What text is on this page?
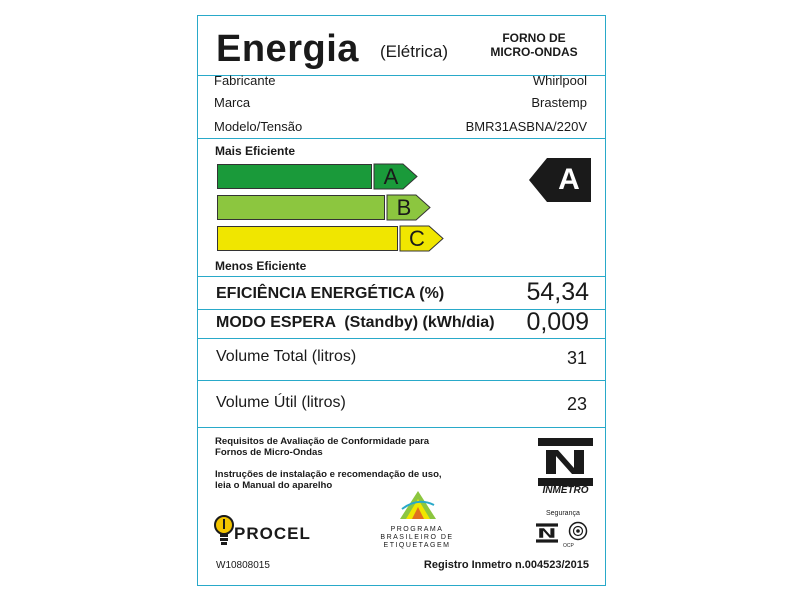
Energia (Elétrica)
FORNO DE
MICRO-ONDAS
Fabricante	Whirlpool
Marca	Brastemp
Modelo/Tensão	BMR31ASBNA/220V
Mais Eficiente
A
B
C
A
Menos Eficiente
EFICIÊNCIA ENERGÉTICA (%)	54,34
MODO ESPERA  (Standby) (kWh/dia) 0,009
Volume Total (litros)	31
Volume Útil (litros)	23
Requisitos de Avaliação de Conformidade para
Fornos de Micro-Ondas
Instruções de instalação e recomendação de uso,
leia o Manual do aparelho	INMETRO
PROCEL	PROGRAMA
BRASILEIRO DE
ETIQUETAGEM
Segurança
OCP
W10808015	Registro Inmetro n.004523/2015
